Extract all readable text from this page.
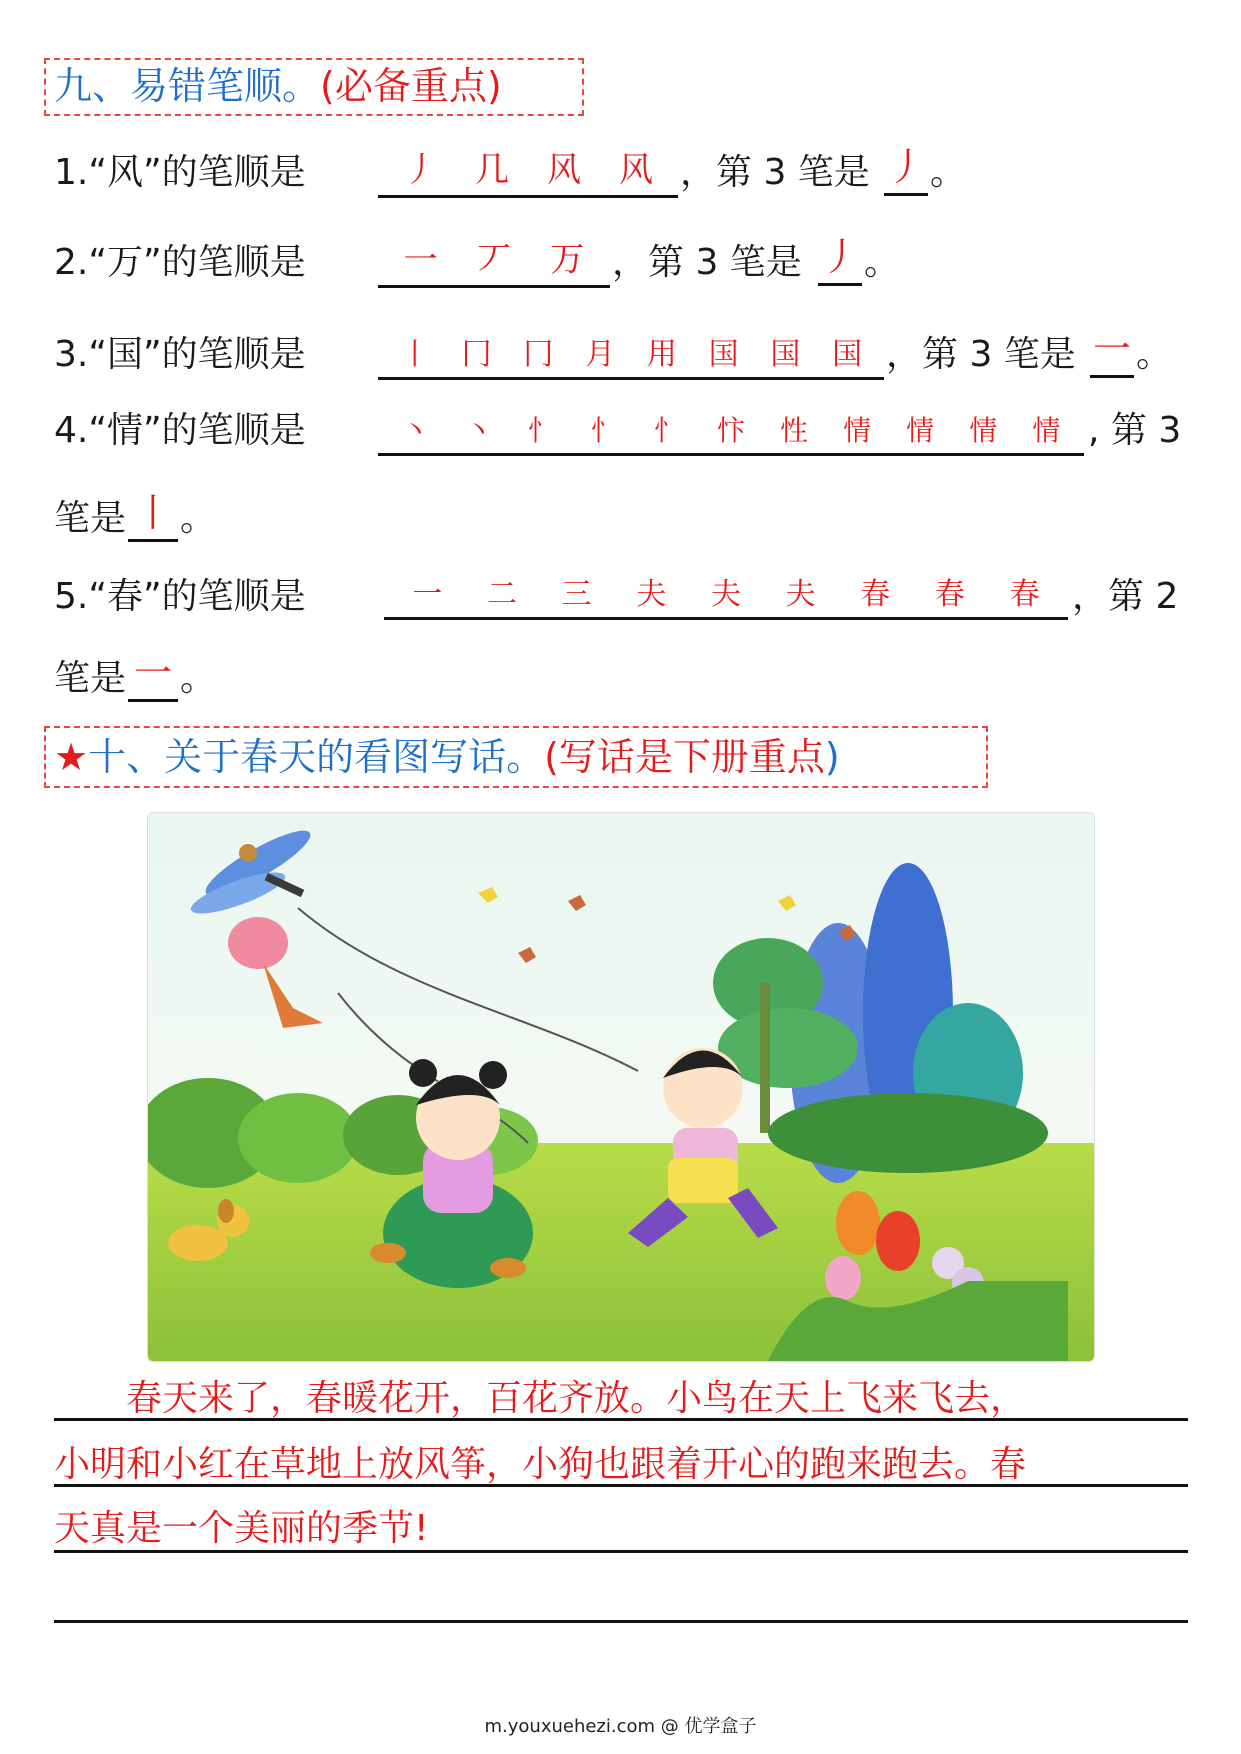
九、易错笔顺。(必备重点)
1.“风”的笔顺是	丿 几 风 风 ，第 3 笔是 丿 。
2.“万”的笔顺是	一 丆 万 ，第 3 笔是 丿 。
3.“国”的笔顺是	丨 冂 冂 月 用 国 国 国 ，第 3 笔是 一 。
4.“情”的笔顺是	丶 丶 忄 忄 忄 忭 性 情 情 情 情 , 第 3
笔是 丨 。
5.“春”的笔顺是	一 二 三 夫 夫 夫 春 春 春 ，第 2
笔是 一 。
★十、关于春天的看图写话。(写话是下册重点)
春天来了，春暖花开，百花齐放。小鸟在天上飞来飞去，
小明和小红在草地上放风筝，小狗也跟着开心的跑来跑去。春
天真是一个美丽的季节!
m.youxuehezi.com @ 优学盒子
